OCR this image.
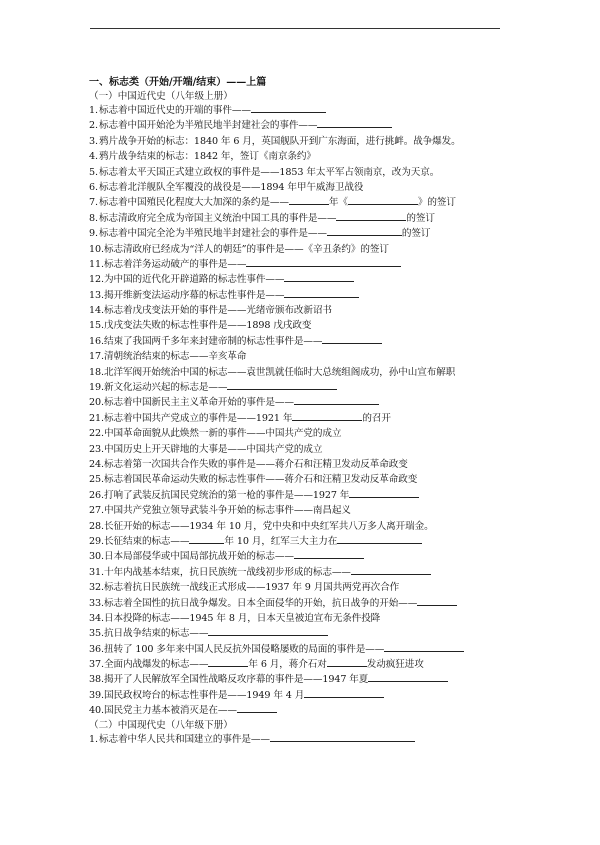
一、标志类（开始/开端/结束）——上篇
（一）中国近代史（八年级上册）
1.标志着中国近代史的开端的事件——
2.标志着中国开始沦为半殖民地半封建社会的事件——
3.鸦片战争开始的标志：1840 年 6 月，英国舰队开到广东海面，进行挑衅。战争爆发。
4.鸦片战争结束的标志：1842 年，签订《南京条约》
5.标志着太平天国正式建立政权的事件是——1853 年太平军占领南京，改为天京。
6.标志着北洋舰队全军覆没的战役是——1894 年甲午威海卫战役
7.标志着中国殖民化程度大大加深的条约是——	年《	》的签订
8.标志清政府完全成为帝国主义统治中国工具的事件是——	的签订
9.标志着中国完全沦为半殖民地半封建社会的事件是——	的签订
10.标志清政府已经成为“洋人的朝廷”的事件是——《辛丑条约》的签订
11.标志着洋务运动破产的事件是——
12.为中国的近代化开辟道路的标志性事件——
13.揭开维新变法运动序幕的标志性事件是——
14.标志着戊戌变法开始的事件是——光绪帝颁布改新诏书
15.戊戌变法失败的标志性事件是——1898 戊戌政变
16.结束了我国两千多年来封建帝制的标志性事件是——
17.清朝统治结束的标志——辛亥革命
18.北洋军阀开始统治中国的标志——袁世凯就任临时大总统组阁成功，孙中山宣布解职
19.新文化运动兴起的标志是——
20.标志着中国新民主主义革命开始的事件是——
21.标志着中国共产党成立的事件是——1921 年	的召开
22.中国革命面貌从此焕然一新的事件——中国共产党的成立
23.中国历史上开天辟地的大事是——中国共产党的成立
24.标志着第一次国共合作失败的事件是——蒋介石和汪精卫发动反革命政变
25.标志着国民革命运动失败的标志性事件——蒋介石和汪精卫发动反革命政变
26.打响了武装反抗国民党统治的第一枪的事件是——1927 年
27.中国共产党独立领导武装斗争开始的标志事件——南昌起义
28.长征开始的标志——1934 年 10 月，党中央和中央红军共八万多人离开瑞金。
29.长征结束的标志——	年 10 月，红军三大主力在
30.日本局部侵华或中国局部抗战开始的标志——
31.十年内战基本结束，抗日民族统一战线初步形成的标志——
32.标志着抗日民族统一战线正式形成——1937 年 9 月国共两党再次合作
33.标志着全国性的抗日战争爆发。日本全面侵华的开始，抗日战争的开始——
34.日本投降的标志——1945 年 8 月，日本天皇被迫宣布无条件投降
35.抗日战争结束的标志——
36.扭转了 100 多年来中国人民反抗外国侵略屡败的局面的事件是——
37.全面内战爆发的标志——	年 6 月，蒋介石对	发动疯狂进攻
38.揭开了人民解放军全国性战略反攻序幕的事件是——1947 年夏
39.国民政权垮台的标志性事件是——1949 年 4 月
40.国民党主力基本被消灭是在——
（二）中国现代史（八年级下册）
1.标志着中华人民共和国建立的事件是——
